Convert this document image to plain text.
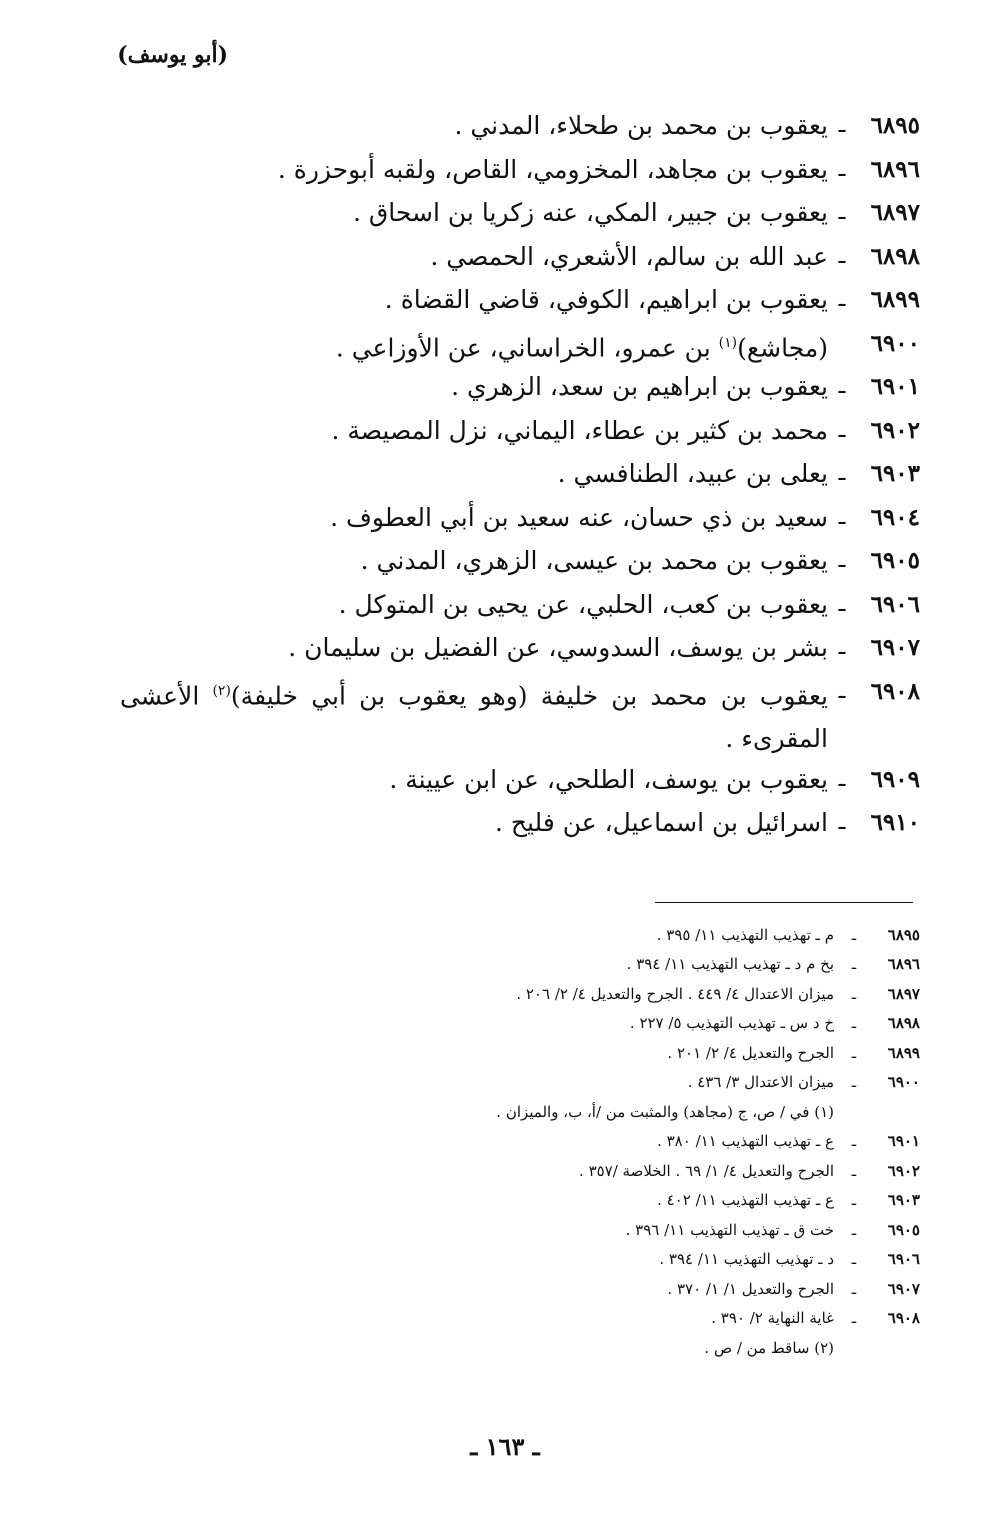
(أبو يوسف)
٦٨٩٥
ـ
يعقوب بن محمد بن طحلاء، المدني .
٦٨٩٦
ـ
يعقوب بن مجاهد، المخزومي، القاص، ولقبه أبوحزرة .
٦٨٩٧
ـ
يعقوب بن جبير، المكي، عنه زكريا بن اسحاق .
٦٨٩٨
ـ
عبد الله بن سالم، الأشعري، الحمصي .
٦٨٩٩
ـ
يعقوب بن ابراهيم، الكوفي، قاضي القضاة .
٦٩٠٠
(مجاشع)$^{(١)}$ بن عمرو، الخراساني، عن الأوزاعي .
٦٩٠١
ـ
يعقوب بن ابراهيم بن سعد، الزهري .
٦٩٠٢
ـ
محمد بن كثير بن عطاء، اليماني، نزل المصيصة .
٦٩٠٣
ـ
يعلى بن عبيد، الطنافسي .
٦٩٠٤
ـ
سعيد بن ذي حسان، عنه سعيد بن أبي العطوف .
٦٩٠٥
ـ
يعقوب بن محمد بن عيسى، الزهري، المدني .
٦٩٠٦
ـ
يعقوب بن كعب، الحلبي، عن يحيى بن المتوكل .
٦٩٠٧
ـ
بشر بن يوسف، السدوسي، عن الفضيل بن سليمان .
٦٩٠٨
ـ
يعقوب بن محمد بن خليفة (وهو يعقوب بن أبي خليفة)$^{(٢)}$ الأعشى المقرىء .
٦٩٠٩
ـ
يعقوب بن يوسف، الطلحي، عن ابن عيينة .
٦٩١٠
ـ
اسرائيل بن اسماعيل، عن فليح .
٦٨٩٥
ـ
م ـ تهذيب التهذيب ١١/ ٣٩٥ .
٦٨٩٦
ـ
بخ م د ـ تهذيب التهذيب ١١/ ٣٩٤ .
٦٨٩٧
ـ
ميزان الاعتدال ٤/ ٤٤٩ . الجرح والتعديل ٤/ ٢/ ٢٠٦ .
٦٨٩٨
ـ
خ د س ـ تهذيب التهذيب ٥/ ٢٢٧ .
٦٨٩٩
ـ
الجرح والتعديل ٤/ ٢/ ٢٠١ .
٦٩٠٠
ـ
ميزان الاعتدال ٣/ ٤٣٦ .
(١) في / ص، ج (مجاهد) والمثبت من /أ، ب، والميزان .
٦٩٠١
ـ
ع ـ تهذيب التهذيب ١١/ ٣٨٠ .
٦٩٠٢
ـ
الجرح والتعديل ٤/ ١/ ٦٩ . الخلاصة /٣٥٧ .
٦٩٠٣
ـ
ع ـ تهذيب التهذيب ١١/ ٤٠٢ .
٦٩٠٥
ـ
خت ق ـ تهذيب التهذيب ١١/ ٣٩٦ .
٦٩٠٦
ـ
د ـ تهذيب التهذيب ١١/ ٣٩٤ .
٦٩٠٧
ـ
الجرح والتعديل ١/ ١/ ٣٧٠ .
٦٩٠٨
ـ
غاية النهاية ٢/ ٣٩٠ .
(٢) ساقط من / ص .
ـ ١٦٣ ـ
